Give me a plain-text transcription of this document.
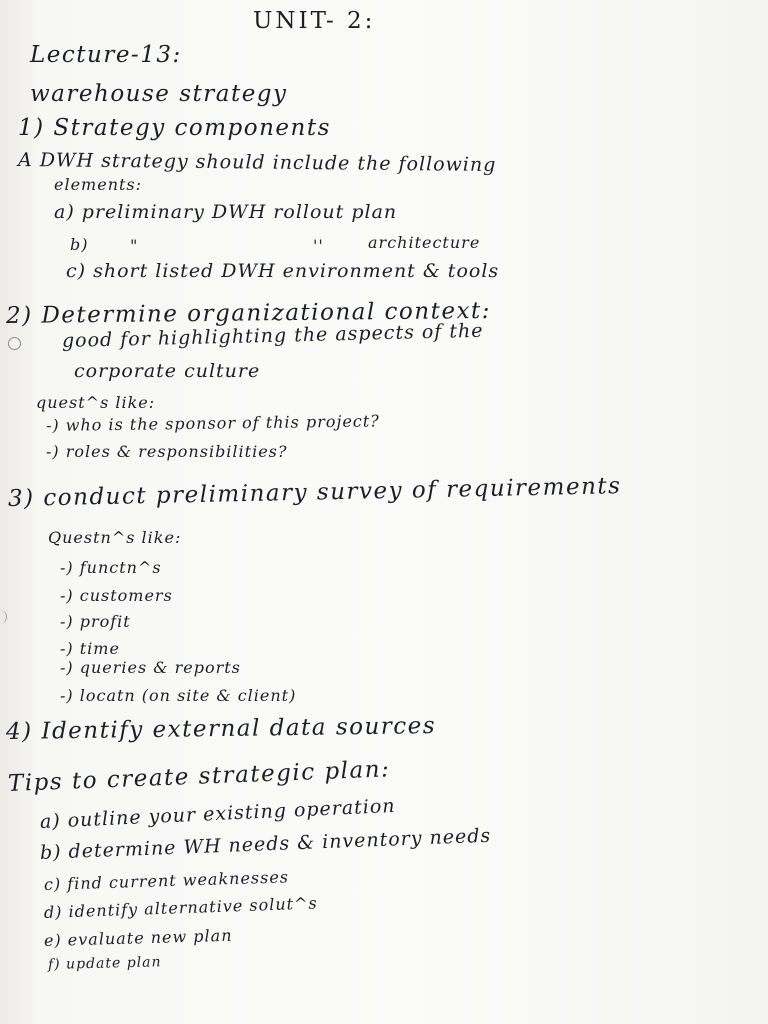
UNIT- 2:
Lecture-13:
warehouse strategy
1) Strategy components
A DWH strategy should include the following
elements:
a) preliminary DWH rollout plan
b)	"	''	architecture
c) short listed DWH environment & tools
2) Determine organizational context:
good for highlighting the aspects of the
corporate culture
quest^s like:
-) who is the sponsor of this project?
-) roles & responsibilities?
3) conduct preliminary survey of requirements
Questn^s like:
-) functn^s
-) customers
-) profit
-) time
-) queries & reports
-) locatn (on site & client)
4) Identify external data sources
Tips to create strategic plan:
a) outline your existing operation
b) determine WH needs & inventory needs
c) find current weaknesses
d) identify alternative solut^s
e) evaluate new plan
f) update plan
